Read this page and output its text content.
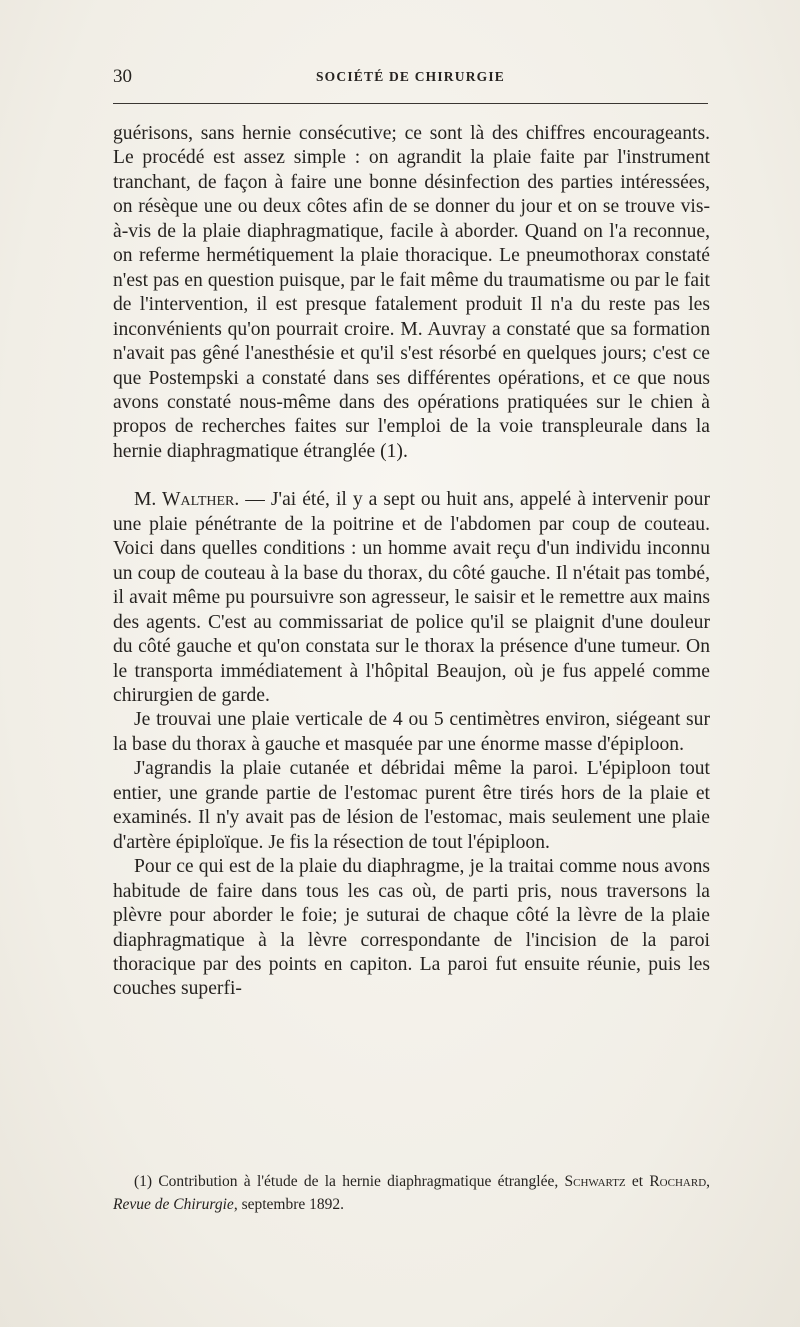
30	SOCIÉTÉ DE CHIRURGIE

guérisons, sans hernie consécutive; ce sont là des chiffres encourageants. Le procédé est assez simple : on agrandit la plaie faite par l'instrument tranchant, de façon à faire une bonne désinfection des parties intéressées, on résèque une ou deux côtes afin de se donner du jour et on se trouve vis-à-vis de la plaie diaphragmatique, facile à aborder. Quand on l'a reconnue, on referme hermétiquement la plaie thoracique. Le pneumothorax constaté n'est pas en question puisque, par le fait même du traumatisme ou par le fait de l'intervention, il est presque fatalement produit Il n'a du reste pas les inconvénients qu'on pourrait croire. M. Auvray a constaté que sa formation n'avait pas gêné l'anesthésie et qu'il s'est résorbé en quelques jours; c'est ce que Postempski a constaté dans ses différentes opérations, et ce que nous avons constaté nous-même dans des opérations pratiquées sur le chien à propos de recherches faites sur l'emploi de la voie transpleurale dans la hernie diaphragmatique étranglée (1).

M. Walther. — J'ai été, il y a sept ou huit ans, appelé à intervenir pour une plaie pénétrante de la poitrine et de l'abdomen par coup de couteau. Voici dans quelles conditions : un homme avait reçu d'un individu inconnu un coup de couteau à la base du thorax, du côté gauche. Il n'était pas tombé, il avait même pu poursuivre son agresseur, le saisir et le remettre aux mains des agents. C'est au commissariat de police qu'il se plaignit d'une douleur du côté gauche et qu'on constata sur le thorax la présence d'une tumeur. On le transporta immédiatement à l'hôpital Beaujon, où je fus appelé comme chirurgien de garde.

Je trouvai une plaie verticale de 4 ou 5 centimètres environ, siégeant sur la base du thorax à gauche et masquée par une énorme masse d'épiploon.

J'agrandis la plaie cutanée et débridai même la paroi. L'épiploon tout entier, une grande partie de l'estomac purent être tirés hors de la plaie et examinés. Il n'y avait pas de lésion de l'estomac, mais seulement une plaie d'artère épiploïque. Je fis la résection de tout l'épiploon.

Pour ce qui est de la plaie du diaphragme, je la traitai comme nous avons habitude de faire dans tous les cas où, de parti pris, nous traversons la plèvre pour aborder le foie; je suturai de chaque côté la lèvre de la plaie diaphragmatique à la lèvre correspondante de l'incision de la paroi thoracique par des points en capiton. La paroi fut ensuite réunie, puis les couches superfi-

(1) Contribution à l'étude de la hernie diaphragmatique étranglée, Schwartz et Rochard, Revue de Chirurgie, septembre 1892.
